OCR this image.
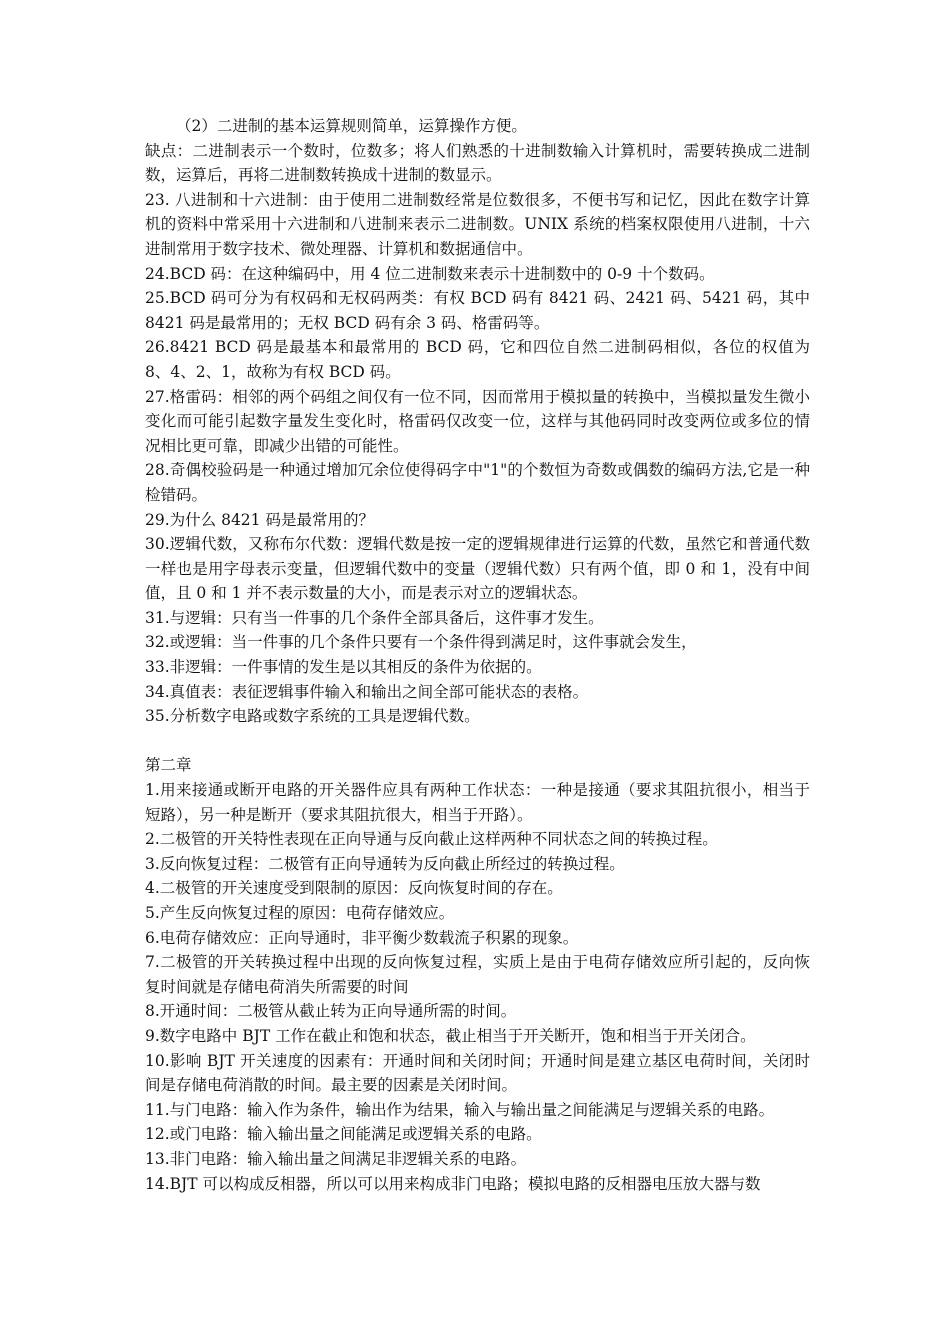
（2）二进制的基本运算规则简单，运算操作方便。

缺点：二进制表示一个数时，位数多；将人们熟悉的十进制数输入计算机时，需要转换成二进制数，运算后，再将二进制数转换成十进制的数显示。

23. 八进制和十六进制：由于使用二进制数经常是位数很多，不便书写和记忆，因此在数字计算机的资料中常采用十六进制和八进制来表示二进制数。UNIX 系统的档案权限使用八进制，十六进制常用于数字技术、微处理器、计算机和数据通信中。

24.BCD 码：在这种编码中，用 4 位二进制数来表示十进制数中的 0-9 十个数码。

25.BCD 码可分为有权码和无权码两类：有权 BCD 码有 8421 码、2421 码、5421 码，其中 8421 码是最常用的；无权 BCD 码有余 3 码、格雷码等。

26.8421 BCD 码是最基本和最常用的 BCD 码，它和四位自然二进制码相似，各位的权值为 8、4、2、1，故称为有权 BCD 码。

27.格雷码：相邻的两个码组之间仅有一位不同，因而常用于模拟量的转换中，当模拟量发生微小变化而可能引起数字量发生变化时，格雷码仅改变一位，这样与其他码同时改变两位或多位的情况相比更可靠，即减少出错的可能性。

28.奇偶校验码是一种通过增加冗余位使得码字中"1"的个数恒为奇数或偶数的编码方法,它是一种检错码。

29.为什么 8421 码是最常用的？

30.逻辑代数，又称布尔代数：逻辑代数是按一定的逻辑规律进行运算的代数，虽然它和普通代数一样也是用字母表示变量，但逻辑代数中的变量（逻辑代数）只有两个值，即 0 和 1，没有中间值，且 0 和 1 并不表示数量的大小，而是表示对立的逻辑状态。

31.与逻辑：只有当一件事的几个条件全部具备后，这件事才发生。

32.或逻辑：当一件事的几个条件只要有一个条件得到满足时，这件事就会发生，

33.非逻辑：一件事情的发生是以其相反的条件为依据的。

34.真值表：表征逻辑事件输入和输出之间全部可能状态的表格。

35.分析数字电路或数字系统的工具是逻辑代数。

第二章

1.用来接通或断开电路的开关器件应具有两种工作状态：一种是接通（要求其阻抗很小，相当于短路），另一种是断开（要求其阻抗很大，相当于开路）。

2.二极管的开关特性表现在正向导通与反向截止这样两种不同状态之间的转换过程。

3.反向恢复过程：二极管有正向导通转为反向截止所经过的转换过程。

4.二极管的开关速度受到限制的原因：反向恢复时间的存在。

5.产生反向恢复过程的原因：电荷存储效应。

6.电荷存储效应：正向导通时，非平衡少数载流子积累的现象。

7.二极管的开关转换过程中出现的反向恢复过程，实质上是由于电荷存储效应所引起的，反向恢复时间就是存储电荷消失所需要的时间

8.开通时间：二极管从截止转为正向导通所需的时间。

9.数字电路中 BJT 工作在截止和饱和状态，截止相当于开关断开，饱和相当于开关闭合。

10.影响 BJT 开关速度的因素有：开通时间和关闭时间；开通时间是建立基区电荷时间，关闭时间是存储电荷消散的时间。最主要的因素是关闭时间。

11.与门电路：输入作为条件，输出作为结果，输入与输出量之间能满足与逻辑关系的电路。

12.或门电路：输入输出量之间能满足或逻辑关系的电路。

13.非门电路：输入输出量之间满足非逻辑关系的电路。

14.BJT 可以构成反相器，所以可以用来构成非门电路；模拟电路的反相器电压放大器与数
